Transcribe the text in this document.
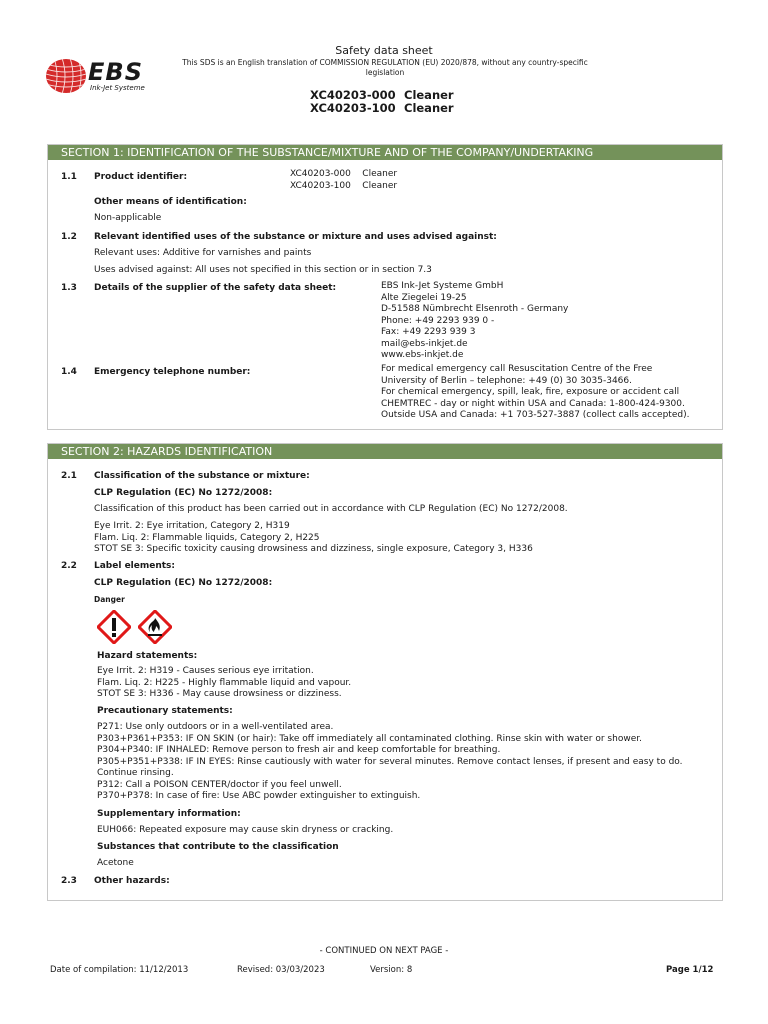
Safety data sheet
This SDS is an English translation of COMMISSION REGULATION (EU) 2020/878, without any country-specific legislation
EBS
Ink-Jet Systeme	XC40203-000 Cleaner
XC40203-100 Cleaner
SECTION 1: IDENTIFICATION OF THE SUBSTANCE/MIXTURE AND OF THE COMPANY/UNDERTAKING
1.1 Product identifier:	XC40203-000    Cleaner
XC40203-100    Cleaner
Other means of identification:
Non-applicable
1.2 Relevant identified uses of the substance or mixture and uses advised against:
Relevant uses: Additive for varnishes and paints
Uses advised against: All uses not specified in this section or in section 7.3
1.3 Details of the supplier of the safety data sheet:	EBS Ink-Jet Systeme GmbH
Alte Ziegelei 19-25
D-51588 Nümbrecht Elsenroth - Germany
Phone: +49 2293 939 0 -
Fax: +49 2293 939 3
mail@ebs-inkjet.de
www.ebs-inkjet.de
1.4 Emergency telephone number:	For medical emergency call Resuscitation Centre of the Free
University of Berlin – telephone: +49 (0) 30 3035-3466.
For chemical emergency, spill, leak, fire, exposure or accident call
CHEMTREC - day or night within USA and Canada: 1-800-424-9300.
Outside USA and Canada: +1 703-527-3887 (collect calls accepted).
SECTION 2: HAZARDS IDENTIFICATION
2.1 Classification of the substance or mixture:
CLP Regulation (EC) No 1272/2008:
Classification of this product has been carried out in accordance with CLP Regulation (EC) No 1272/2008.
Eye Irrit. 2: Eye irritation, Category 2, H319
Flam. Liq. 2: Flammable liquids, Category 2, H225
STOT SE 3: Specific toxicity causing drowsiness and dizziness, single exposure, Category 3, H336
2.2 Label elements:
CLP Regulation (EC) No 1272/2008:
Danger

Hazard statements:
Eye Irrit. 2: H319 - Causes serious eye irritation.
Flam. Liq. 2: H225 - Highly flammable liquid and vapour.
STOT SE 3: H336 - May cause drowsiness or dizziness.
Precautionary statements:
P271: Use only outdoors or in a well-ventilated area.
P303+P361+P353: IF ON SKIN (or hair): Take off immediately all contaminated clothing. Rinse skin with water or shower.
P304+P340: IF INHALED: Remove person to fresh air and keep comfortable for breathing.
P305+P351+P338: IF IN EYES: Rinse cautiously with water for several minutes. Remove contact lenses, if present and easy to do.
Continue rinsing.
P312: Call a POISON CENTER/doctor if you feel unwell.
P370+P378: In case of fire: Use ABC powder extinguisher to extinguish.
Supplementary information:
EUH066: Repeated exposure may cause skin dryness or cracking.
Substances that contribute to the classification
Acetone
2.3 Other hazards:
- CONTINUED ON NEXT PAGE -
Date of compilation: 11/12/2013	Revised: 03/03/2023	Version: 8	Page 1/12
